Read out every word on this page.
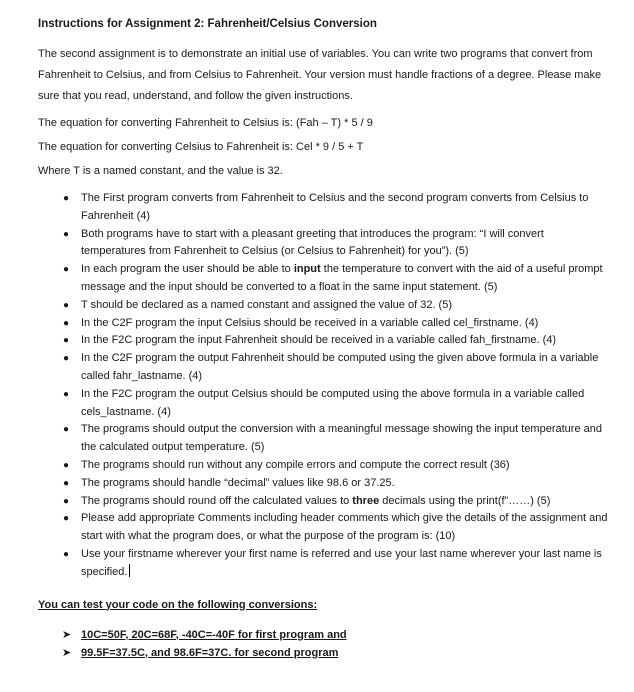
Instructions for Assignment 2: Fahrenheit/Celsius Conversion

The second assignment is to demonstrate an initial use of variables. You can write two programs that convert from Fahrenheit to Celsius, and from Celsius to Fahrenheit. Your version must handle fractions of a degree. Please make sure that you read, understand, and follow the given instructions.

The equation for converting Fahrenheit to Celsius is: (Fah – T) * 5 / 9

The equation for converting Celsius to Fahrenheit is: Cel * 9 / 5 + T

Where T is a named constant, and the value is 32.

● The First program converts from Fahrenheit to Celsius and the second program converts from Celsius to Fahrenheit (4)
● Both programs have to start with a pleasant greeting that introduces the program: “I will convert temperatures from Fahrenheit to Celsius (or Celsius to Fahrenheit) for you”). (5)
● In each program the user should be able to input the temperature to convert with the aid of a useful prompt message and the input should be converted to a float in the same input statement. (5)
● T should be declared as a named constant and assigned the value of 32. (5)
● In the C2F program the input Celsius should be received in a variable called cel_firstname. (4)
● In the F2C program the input Fahrenheit should be received in a variable called fah_firstname. (4)
● In the C2F program the output Fahrenheit should be computed using the given above formula in a variable called fahr_lastname. (4)
● In the F2C program the output Celsius should be computed using the above formula in a variable called cels_lastname. (4)
● The programs should output the conversion with a meaningful message showing the input temperature and the calculated output temperature. (5)
● The programs should run without any compile errors and compute the correct result (36)
● The programs should handle “decimal” values like 98.6 or 37.25.
● The programs should round off the calculated values to three decimals using the print(f”……) (5)
● Please add appropriate Comments including header comments which give the details of the assignment and start with what the program does, or what the purpose of the program is: (10)
● Use your firstname wherever your first name is referred and use your last name wherever your last name is specified.
You can test your code on the following conversions:
➤ 10C=50F, 20C=68F, -40C=-40F for first program and
➤ 99.5F=37.5C, and 98.6F=37C. for second program
